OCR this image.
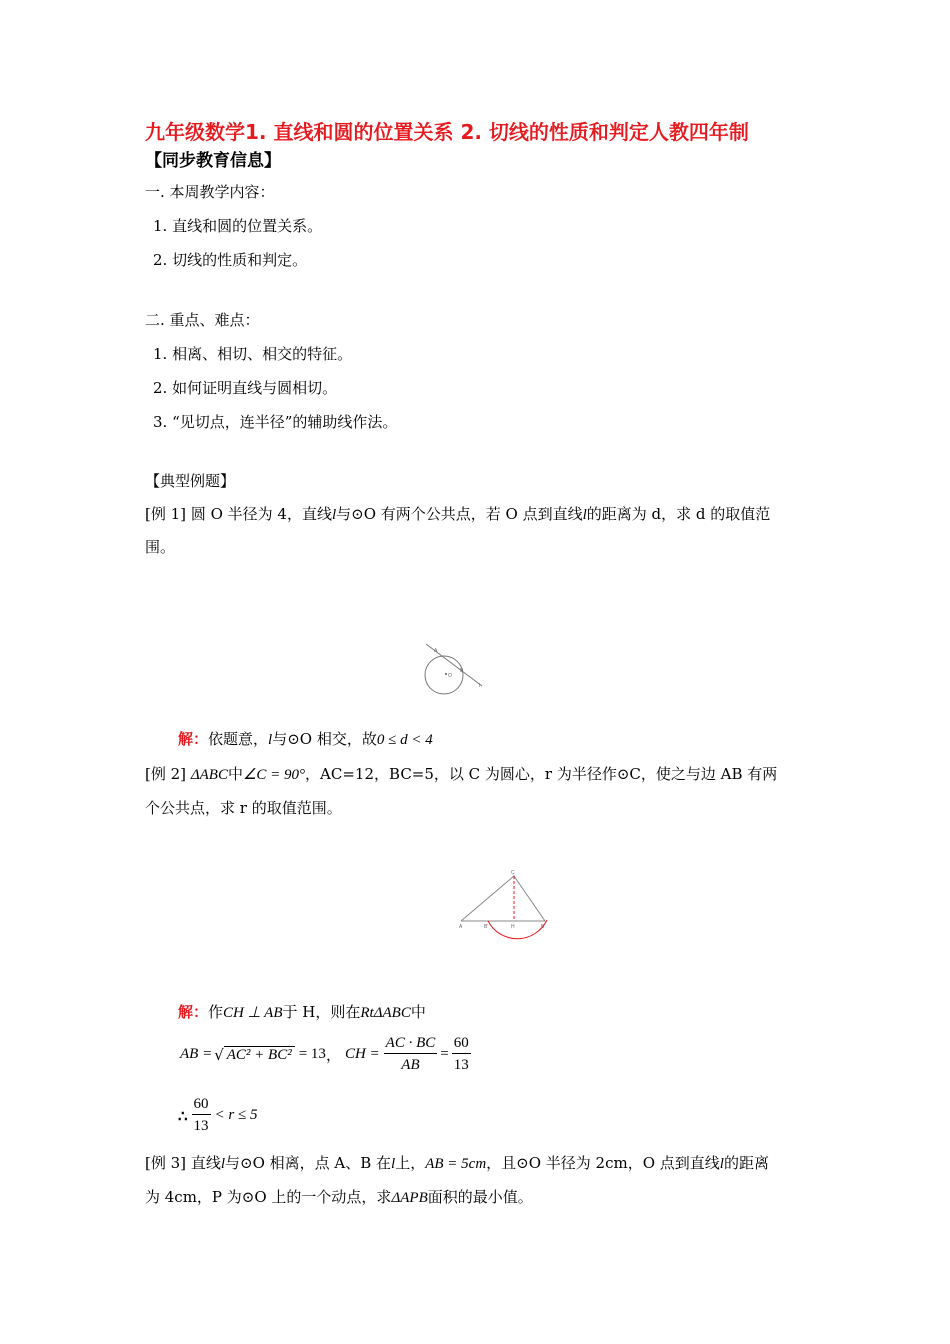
九年级数学1. 直线和圆的位置关系 2. 切线的性质和判定人教四年制
【同步教育信息】
一. 本周教学内容：
1. 直线和圆的位置关系。
2. 切线的性质和判定。
二. 重点、难点：
1. 相离、相切、相交的特征。
2. 如何证明直线与圆相切。
3. “见切点，连半径”的辅助线作法。
【典型例题】
[例 1] 圆 O 半径为 4，直线l与⊙O 有两个公共点，若 O 点到直线l的距离为 d，求 d 的取值范
围。
A
B
O
l
解：依题意，l与⊙O 相交，故0 ≤ d < 4
[例 2] ΔABC中∠C = 90°，AC=12，BC=5，以 C 为圆心，r 为半径作⊙C，使之与边 AB 有两
个公共点，求 r 的取值范围。
C
A	B'	H	B
解：作CH ⊥ AB于 H，则在RtΔABC中
AB = √ AC² + BC² = 13 ， CH = $\frac{AC \cdot BC}{AB} = \frac{60}{13}$
∴ $\frac{60}{13} < r \le 5$
[例 3] 直线l与⊙O 相离，点 A、B 在l上，AB = 5cm，且⊙O 半径为 2cm，O 点到直线l的距离
为 4cm，P 为⊙O 上的一个动点，求ΔAPB面积的最小值。
